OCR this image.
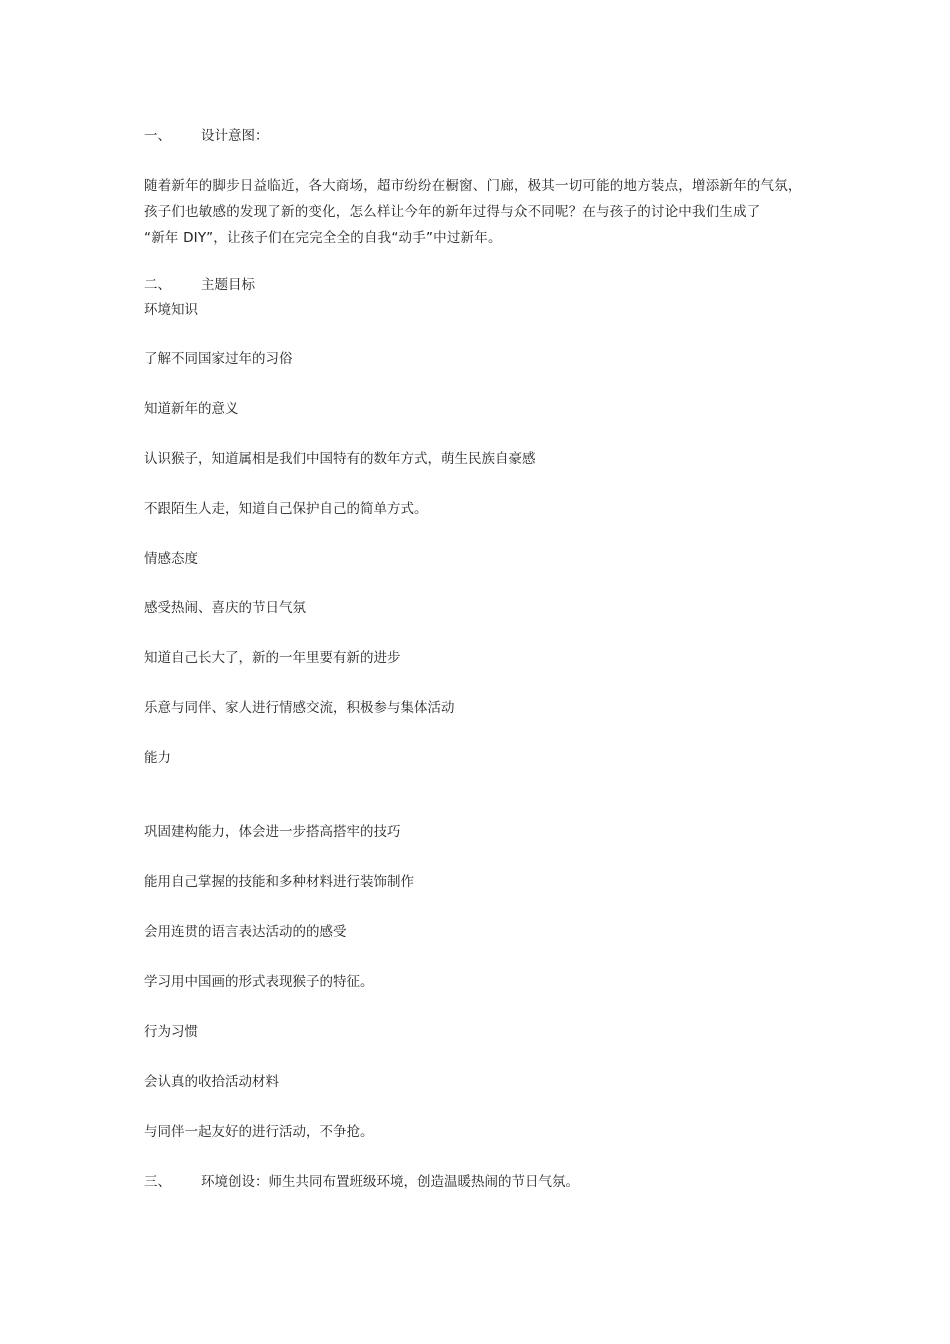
一、 设计意图：
随着新年的脚步日益临近，各大商场，超市纷纷在橱窗、门廊，极其一切可能的地方装点，增添新年的气氛，
孩子们也敏感的发现了新的变化，怎么样让今年的新年过得与众不同呢？在与孩子的讨论中我们生成了
“新年 DIY”，让孩子们在完完全全的自我“动手”中过新年。
二、 主题目标
环境知识
了解不同国家过年的习俗
知道新年的意义
认识猴子，知道属相是我们中国特有的数年方式，萌生民族自豪感
不跟陌生人走，知道自己保护自己的简单方式。
情感态度
感受热闹、喜庆的节日气氛
知道自己长大了，新的一年里要有新的进步
乐意与同伴、家人进行情感交流，积极参与集体活动
能力
巩固建构能力，体会进一步搭高搭牢的技巧
能用自己掌握的技能和多种材料进行装饰制作
会用连贯的语言表达活动的的感受
学习用中国画的形式表现猴子的特征。
行为习惯
会认真的收拾活动材料
与同伴一起友好的进行活动，不争抢。
三、 环境创设：师生共同布置班级环境，创造温暖热闹的节日气氛。
